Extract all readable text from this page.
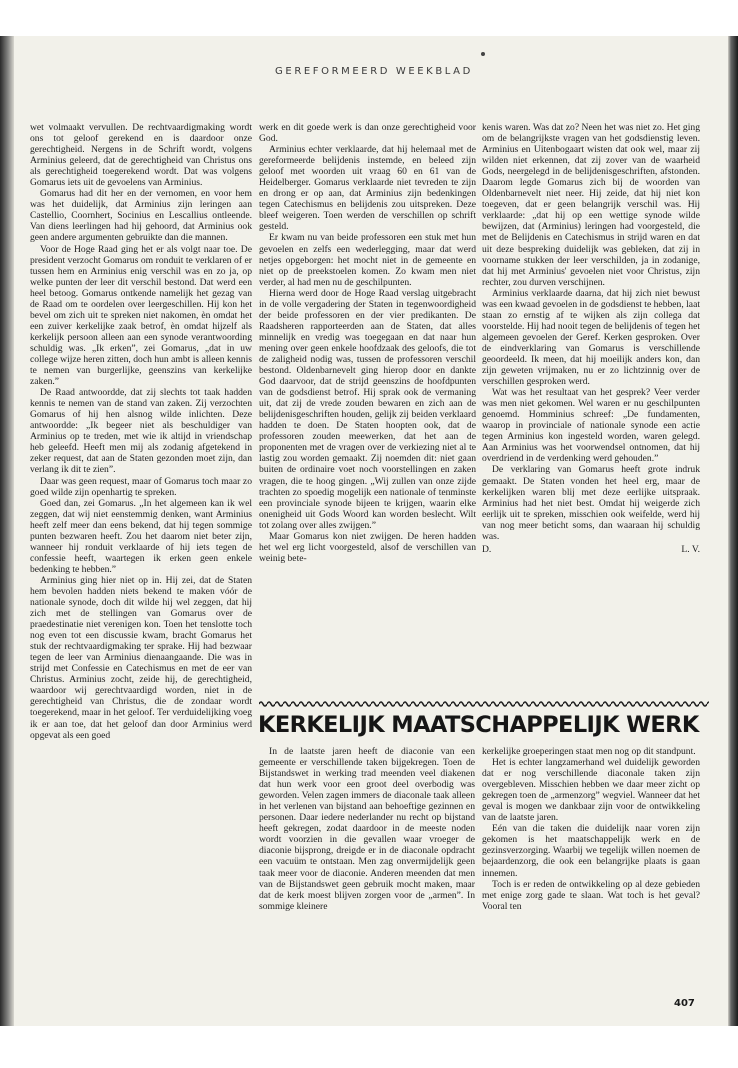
GEREFORMEERD WEEKBLAD

wet volmaakt vervullen. De rechtvaardigmaking wordt ons tot geloof gerekend en is daardoor onze gerechtigheid. Nergens in de Schrift wordt, volgens Arminius geleerd, dat de gerechtigheid van Christus ons als gerechtigheid toegerekend wordt. Dat was volgens Gomarus iets uit de gevoelens van Arminius.

Gomarus had dit her en der vernomen, en voor hem was het duidelijk, dat Arminius zijn leringen aan Castellio, Coornhert, Socinius en Lescallius ontleende. Van diens leerlingen had hij gehoord, dat Arminius ook geen andere argumenten gebruikte dan die mannen.

Voor de Hoge Raad ging het er als volgt naar toe. De president verzocht Gomarus om ronduit te verklaren of er tussen hem en Arminius enig verschil was en zo ja, op welke punten der leer dit verschil bestond. Dat werd een heel betoog. Gomarus ontkende namelijk het gezag van de Raad om te oordelen over leergeschillen. Hij kon het bevel om zich uit te spreken niet nakomen, èn omdat het een zuiver kerkelijke zaak betrof, èn omdat hijzelf als kerkelijk persoon alleen aan een synode verantwoording schuldig was. „Ik erken”, zei Gomarus, „dat in uw college wijze heren zitten, doch hun ambt is alleen kennis te nemen van burgerlijke, geenszins van kerkelijke zaken.”

De Raad antwoordde, dat zij slechts tot taak hadden kennis te nemen van de stand van zaken. Zij verzochten Gomarus of hij hen alsnog wilde inlichten. Deze antwoordde: „Ik begeer niet als beschuldiger van Arminius op te treden, met wie ik altijd in vriendschap heb geleefd. Heeft men mij als zodanig afgetekend in zeker request, dat aan de Staten gezonden moet zijn, dan verlang ik dit te zien”.

Daar was geen request, maar of Gomarus toch maar zo goed wilde zijn openhartig te spreken.

Goed dan, zei Gomarus. „In het algemeen kan ik wel zeggen, dat wij niet eenstemmig denken, want Arminius heeft zelf meer dan eens bekend, dat hij tegen sommige punten bezwaren heeft. Zou het daarom niet beter zijn, wanneer hij ronduit verklaarde of hij iets tegen de confessie heeft, waartegen ik erken geen enkele bedenking te hebben.”

Arminius ging hier niet op in. Hij zei, dat de Staten hem bevolen hadden niets bekend te maken vóór de nationale synode, doch dit wilde hij wel zeggen, dat hij zich met de stellingen van Gomarus over de praedestinatie niet verenigen kon. Toen het tenslotte toch nog even tot een discussie kwam, bracht Gomarus het stuk der rechtvaardigmaking ter sprake. Hij had bezwaar tegen de leer van Arminius dienaangaande. Die was in strijd met Confessie en Catechismus en met de eer van Christus. Arminius zocht, zeide hij, de gerechtigheid, waardoor wij gerechtvaardigd worden, niet in de gerechtigheid van Christus, die de zondaar wordt toegerekend, maar in het geloof. Ter verduidelijking voeg ik er aan toe, dat het geloof dan door Arminius werd opgevat als een goed

werk en dit goede werk is dan onze gerechtigheid voor God.

Arminius echter verklaarde, dat hij helemaal met de gereformeerde belijdenis instemde, en beleed zijn geloof met woorden uit vraag 60 en 61 van de Heidelberger. Gomarus verklaarde niet tevreden te zijn en drong er op aan, dat Arminius zijn bedenkingen tegen Catechismus en belijdenis zou uitspreken. Deze bleef weigeren. Toen werden de verschillen op schrift gesteld.

Er kwam nu van beide professoren een stuk met hun gevoelen en zelfs een wederlegging, maar dat werd netjes opgeborgen: het mocht niet in de gemeente en niet op de preekstoelen komen. Zo kwam men niet verder, al had men nu de geschilpunten.

Hierna werd door de Hoge Raad verslag uitgebracht in de volle vergadering der Staten in tegenwoordigheid der beide professoren en der vier predikanten. De Raadsheren rapporteerden aan de Staten, dat alles minnelijk en vredig was toegegaan en dat naar hun mening over geen enkele hoofdzaak des geloofs, die tot de zaligheid nodig was, tussen de professoren verschil bestond. Oldenbarnevelt ging hierop door en dankte God daarvoor, dat de strijd geenszins de hoofdpunten van de godsdienst betrof. Hij sprak ook de vermaning uit, dat zij de vrede zouden bewaren en zich aan de belijdenisgeschriften houden, gelijk zij beiden verklaard hadden te doen. De Staten hoopten ook, dat de professoren zouden meewerken, dat het aan de proponenten met de vragen over de verkiezing niet al te lastig zou worden gemaakt. Zij noemden dit: niet gaan buiten de ordinaire voet noch voorstellingen en zaken vragen, die te hoog gingen. „Wij zullen van onze zijde trachten zo spoedig mogelijk een nationale of tenminste een provinciale synode bijeen te krijgen, waarin elke onenigheid uit Gods Woord kan worden beslecht. Wilt tot zolang over alles zwijgen.”

Maar Gomarus kon niet zwijgen. De heren hadden het wel erg licht voorgesteld, alsof de verschillen van weinig bete-

kenis waren. Was dat zo? Neen het was niet zo. Het ging om de belangrijkste vragen van het godsdienstig leven. Arminius en Uitenbogaart wisten dat ook wel, maar zij wilden niet erkennen, dat zij zover van de waarheid Gods, neergelegd in de belijdenisgeschriften, afstonden. Daarom legde Gomarus zich bij de woorden van Oldenbarnevelt niet neer. Hij zeide, dat hij niet kon toegeven, dat er geen belangrijk verschil was. Hij verklaarde: „dat hij op een wettige synode wilde bewijzen, dat (Arminius) leringen had voorgesteld, die met de Belijdenis en Catechismus in strijd waren en dat uit deze bespreking duidelijk was gebleken, dat zij in voorname stukken der leer verschilden, ja in zodanige, dat hij met Arminius' gevoelen niet voor Christus, zijn rechter, zou durven verschijnen.

Arminius verklaarde daarna, dat hij zich niet bewust was een kwaad gevoelen in de godsdienst te hebben, laat staan zo ernstig af te wijken als zijn collega dat voorstelde. Hij had nooit tegen de belijdenis of tegen het algemeen gevoelen der Geref. Kerken gesproken. Over de eindverklaring van Gomarus is verschillende geoordeeld. Ik meen, dat hij moeilijk anders kon, dan zijn geweten vrijmaken, nu er zo lichtzinnig over de verschillen gesproken werd.

Wat was het resultaat van het gesprek? Veer verder was men niet gekomen. Wel waren er nu geschilpunten genoemd. Homminius schreef: „De fundamenten, waarop in provinciale of nationale synode een actie tegen Arminius kon ingesteld worden, waren gelegd. Aan Arminius was het voorwendsel ontnomen, dat hij overdriend in de verdenking werd gehouden.”

De verklaring van Gomarus heeft grote indruk gemaakt. De Staten vonden het heel erg, maar de kerkelijken waren blij met deze eerlijke uitspraak. Arminius had het niet best. Omdat hij weigerde zich eerlijk uit te spreken, misschien ook weifelde, werd hij van nog meer beticht soms, dan waaraan hij schuldig was.

D.	L. V.
KERKELIJK MAATSCHAPPELIJK WERK

In de laatste jaren heeft de diaconie van een gemeente er verschillende taken bijgekregen. Toen de Bijstandswet in werking trad meenden veel diakenen dat hun werk voor een groot deel overbodig was geworden. Velen zagen immers de diaconale taak alleen in het verlenen van bijstand aan behoeftige gezinnen en personen. Daar iedere nederlander nu recht op bijstand heeft gekregen, zodat daardoor in de meeste noden wordt voorzien in die gevallen waar vroeger de diaconie bijsprong, dreigde er in de diaconale opdracht een vacuüm te ontstaan. Men zag onvermijdelijk geen taak meer voor de diaconie. Anderen meenden dat men van de Bijstandswet geen gebruik mocht maken, maar dat de kerk moest blijven zorgen voor de „armen”. In sommige kleinere

kerkelijke groeperingen staat men nog op dit standpunt.

Het is echter langzamerhand wel duidelijk geworden dat er nog verschillende diaconale taken zijn overgebleven. Misschien hebben we daar meer zicht op gekregen toen de „armenzorg” wegviel. Wanneer dat het geval is mogen we dankbaar zijn voor de ontwikkeling van de laatste jaren.

Eén van die taken die duidelijk naar voren zijn gekomen is het maatschappelijk werk en de gezinsverzorging. Waarbij we tegelijk willen noemen de bejaardenzorg, die ook een belangrijke plaats is gaan innemen.

Toch is er reden de ontwikkeling op al deze gebieden met enige zorg gade te slaan. Wat toch is het geval? Vooral ten

407
